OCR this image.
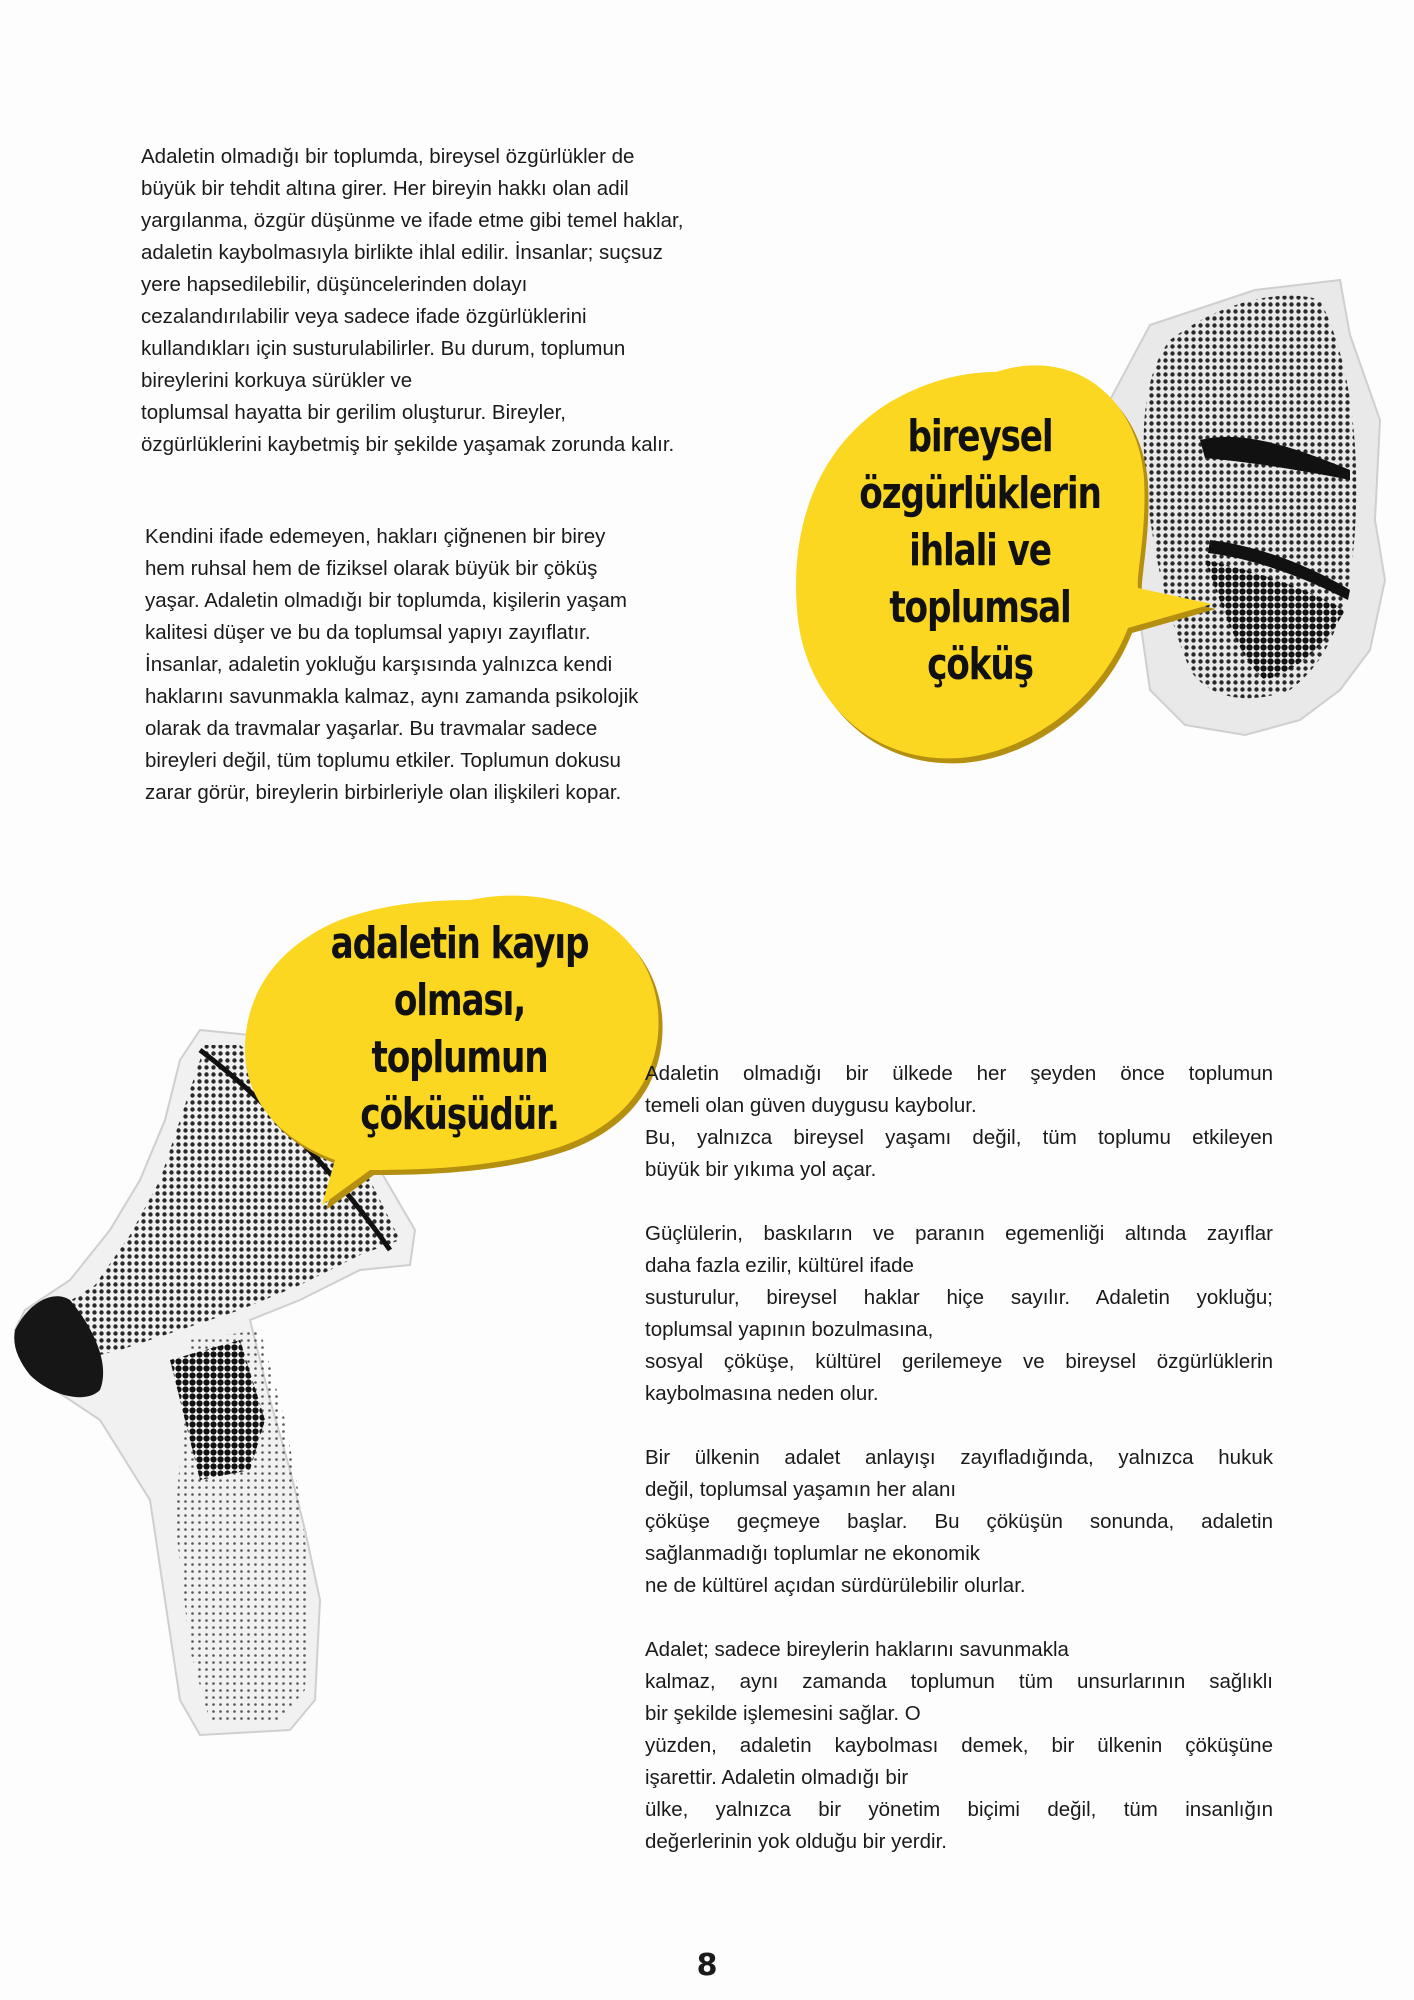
Adaletin olmadığı bir toplumda, bireysel özgürlükler de
büyük bir tehdit altına girer. Her bireyin hakkı olan adil
yargılanma, özgür düşünme ve ifade etme gibi temel haklar,
adaletin kaybolmasıyla birlikte ihlal edilir. İnsanlar; suçsuz
yere hapsedilebilir, düşüncelerinden dolayı
cezalandırılabilir veya sadece ifade özgürlüklerini
kullandıkları için susturulabilirler. Bu durum, toplumun
bireylerini korkuya sürükler ve
toplumsal hayatta bir gerilim oluşturur. Bireyler,
özgürlüklerini kaybetmiş bir şekilde yaşamak zorunda kalır.

Kendini ifade edemeyen, hakları çiğnenen bir birey
hem ruhsal hem de fiziksel olarak büyük bir çöküş
yaşar. Adaletin olmadığı bir toplumda, kişilerin yaşam
kalitesi düşer ve bu da toplumsal yapıyı zayıflatır.
İnsanlar, adaletin yokluğu karşısında yalnızca kendi
haklarını savunmakla kalmaz, aynı zamanda psikolojik
olarak da travmalar yaşarlar. Bu travmalar sadece
bireyleri değil, tüm toplumu etkiler. Toplumun dokusu
zarar görür, bireylerin birbirleriyle olan ilişkileri kopar.

bireysel
özgürlüklerin
ihlali ve
toplumsal
çöküş
adaletin kayıp
olması,
toplumun
çöküşüdür.

Adaletin olmadığı bir ülkede her şeyden önce toplumun
temeli olan güven duygusu kaybolur.
Bu, yalnızca bireysel yaşamı değil, tüm toplumu etkileyen
büyük bir yıkıma yol açar.

Güçlülerin, baskıların ve paranın egemenliği altında zayıflar
daha fazla ezilir, kültürel ifade
susturulur, bireysel haklar hiçe sayılır. Adaletin yokluğu;
toplumsal yapının bozulmasına,
sosyal çöküşe, kültürel gerilemeye ve bireysel özgürlüklerin
kaybolmasına neden olur.

Bir ülkenin adalet anlayışı zayıfladığında, yalnızca hukuk
değil, toplumsal yaşamın her alanı
çöküşe geçmeye başlar. Bu çöküşün sonunda, adaletin
sağlanmadığı toplumlar ne ekonomik
ne de kültürel açıdan sürdürülebilir olurlar.

Adalet; sadece bireylerin haklarını savunmakla
kalmaz, aynı zamanda toplumun tüm unsurlarının sağlıklı
bir şekilde işlemesini sağlar. O
yüzden, adaletin kaybolması demek, bir ülkenin çöküşüne
işarettir. Adaletin olmadığı bir
ülke, yalnızca bir yönetim biçimi değil, tüm insanlığın
değerlerinin yok olduğu bir yerdir.

8
